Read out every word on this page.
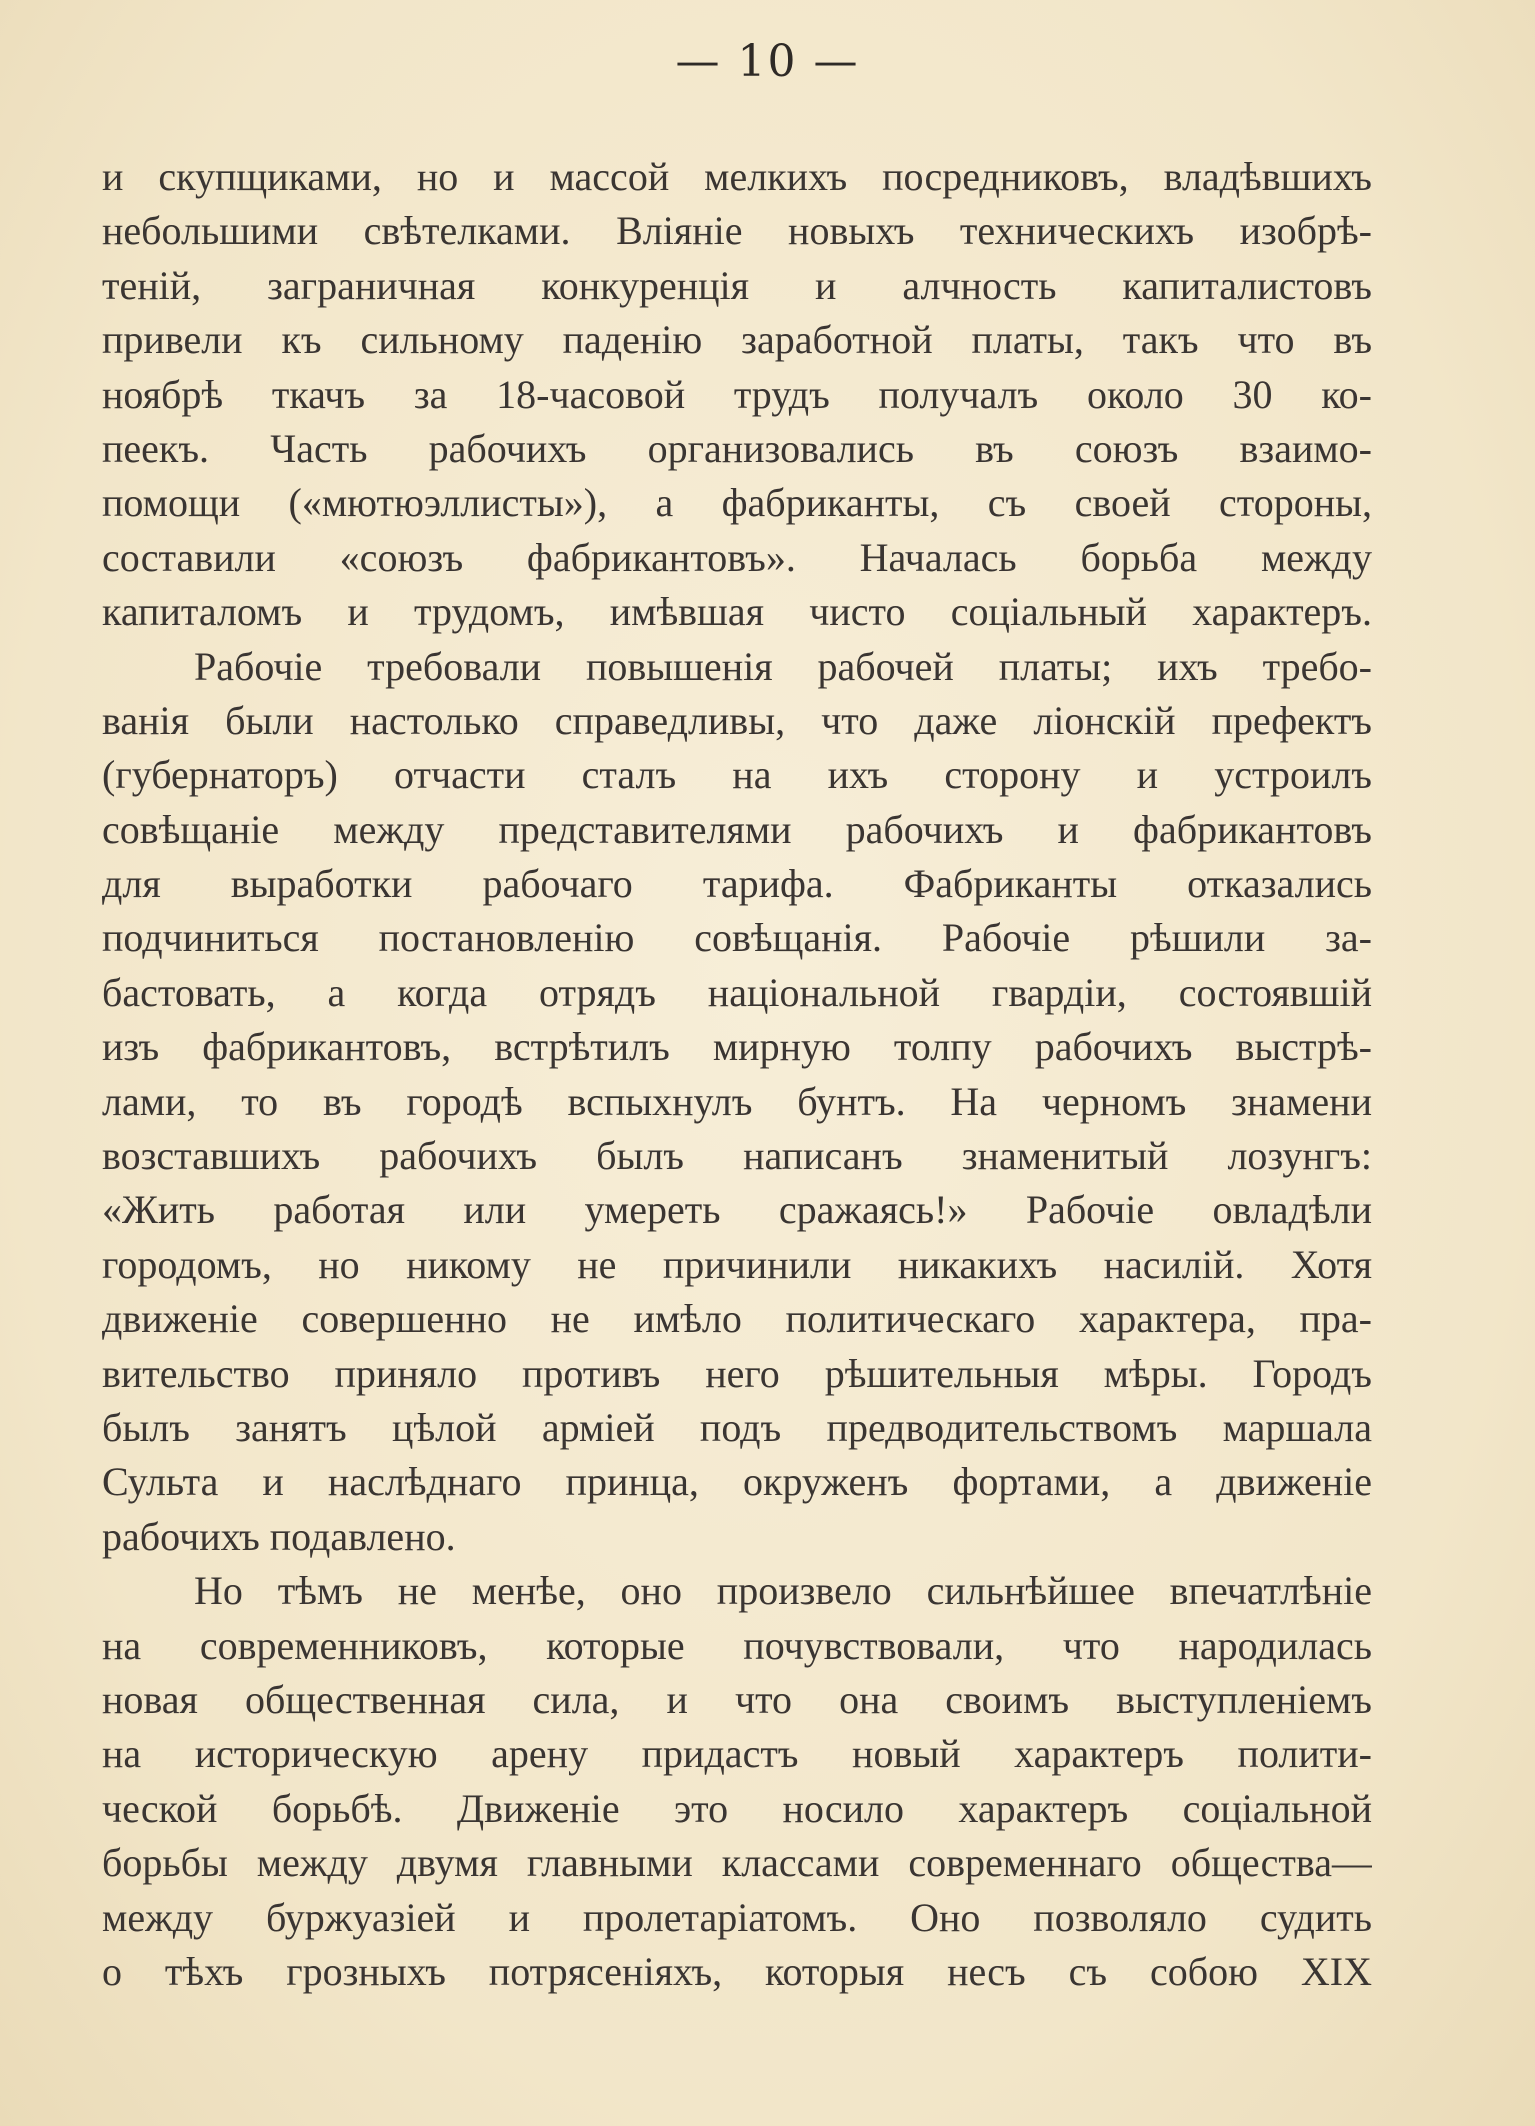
— 10 —
и скупщиками, но и массой мелкихъ посредниковъ, владѣвшихъ
небольшими свѣтелками. Вліяніе новыхъ техническихъ изобрѣ-
теній, заграничная конкуренція и алчность капиталистовъ
привели къ сильному паденію заработной платы, такъ что въ
ноябрѣ ткачъ за 18-часовой трудъ получалъ около 30 ко-
пеекъ. Часть рабочихъ организовались въ союзъ взаимо-
помощи («мютюэллисты»), а фабриканты, съ своей стороны,
составили «союзъ фабрикантовъ». Началась борьба между
капиталомъ и трудомъ, имѣвшая чисто соціальный характеръ.
Рабочіе требовали повышенія рабочей платы; ихъ требо-
ванія были настолько справедливы, что даже ліонскій префектъ
(губернаторъ) отчасти сталъ на ихъ сторону и устроилъ
совѣщаніе между представителями рабочихъ и фабрикантовъ
для выработки рабочаго тарифа. Фабриканты отказались
подчиниться постановленію совѣщанія. Рабочіе рѣшили за-
бастовать, а когда отрядъ національной гвардіи, состоявшій
изъ фабрикантовъ, встрѣтилъ мирную толпу рабочихъ выстрѣ-
лами, то въ городѣ вспыхнулъ бунтъ. На черномъ знамени
возставшихъ рабочихъ былъ написанъ знаменитый лозунгъ:
«Жить работая или умереть сражаясь!» Рабочіе овладѣли
городомъ, но никому не причинили никакихъ насилій. Хотя
движеніе совершенно не имѣло политическаго характера, пра-
вительство приняло противъ него рѣшительныя мѣры. Городъ
былъ занятъ цѣлой арміей подъ предводительствомъ маршала
Сульта и наслѣднаго принца, окруженъ фортами, а движеніе
рабочихъ подавлено.
Но тѣмъ не менѣе, оно произвело сильнѣйшее впечатлѣніе
на современниковъ, которые почувствовали, что народилась
новая общественная сила, и что она своимъ выступленіемъ
на историческую арену придастъ новый характеръ полити-
ческой борьбѣ. Движеніе это носило характеръ соціальной
борьбы между двумя главными классами современнаго общества—
между буржуазіей и пролетаріатомъ. Оно позволяло судить
о тѣхъ грозныхъ потрясеніяхъ, которыя несъ съ собою XIX
